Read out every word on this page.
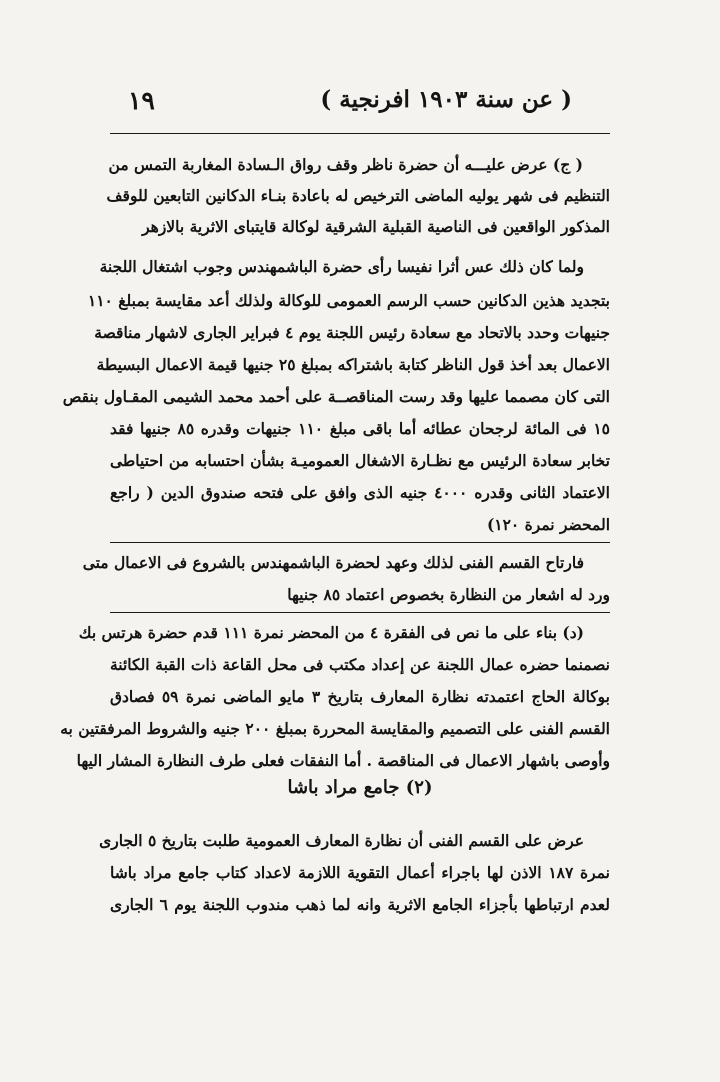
١٩	( عن سنة ١٩٠٣ افرنجية )
( ج) عرض عليـــه أن حضرة ناظر وقف رواق الـسادة المغاربة التمس من
التنظيم فى شهر يوليه الماضى الترخيص له باعادة بنـاء الدكانين التابعين للوقف
المذكور الواقعين فى الناصية القبلية الشرقية لوكالة قايتباى الاثرية بالازهر
ولما كان ذلك عس أثرا نفيسا رأى حضرة الباشمهندس وجوب اشتغال اللجنة
بتجديد هذين الدكانين حسب الرسم العمومى للوكالة ولذلك أعد مقايسة بمبلغ ١١٠
جنيهات وحدد بالاتحاد مع سعادة رئيس اللجنة يوم ٤ فبراير الجارى لاشهار مناقصة
الاعمال بعد أخذ قول الناظر كتابة باشتراكه بمبلغ ٢٥ جنيها قيمة الاعمال البسيطة
التى كان مصمما عليها وقد رست المناقصــة على أحمد محمد الشيمى المقـاول بنقص
١٥ فى المائة لرجحان عطائه أما باقى مبلغ ١١٠ جنيهات وقدره ٨٥ جنيها فقد
تخابر سعادة الرئيس مع نظـارة الاشغال العموميـة بشأن احتسابه من احتياطى
الاعتماد الثانى وقدره ٤٠٠٠ جنيه الذى وافق على فتحه صندوق الدين ( راجع
المحضر نمرة ١٢٠)
فارتاح القسم الفنى لذلك وعهد لحضرة الباشمهندس بالشروع فى الاعمال متى
ورد له اشعار من النظارة بخصوص اعتماد ٨٥ جنيها
(د) بناء على ما نص فى الفقرة ٤ من المحضر نمرة ١١١ قدم حضرة هرتس بك
نصمنما حضره عمال اللجنة عن إعداد مكتب فى محل القاعة ذات القبة الكائنة
بوكالة الحاج اعتمدته نظارة المعارف بتاريخ ٣ مايو الماضى نمرة ٥٩ فصادق
القسم الفنى على التصميم والمقايسة المحررة بمبلغ ٢٠٠ جنيه والشروط المرفقتين به
وأوصى باشهار الاعمال فى المناقصة . أما النفقات فعلى طرف النظارة المشار اليها
(٢) جامع مراد باشا
عرض على القسم الفنى أن نظارة المعارف العمومية طلبت بتاريخ ٥ الجارى
نمرة ١٨٧ الاذن لها باجراء أعمال التقوية اللازمة لاعداد كتاب جامع مراد باشا
لعدم ارتباطها بأجزاء الجامع الاثرية وانه لما ذهب مندوب اللجنة يوم ٦ الجارى
